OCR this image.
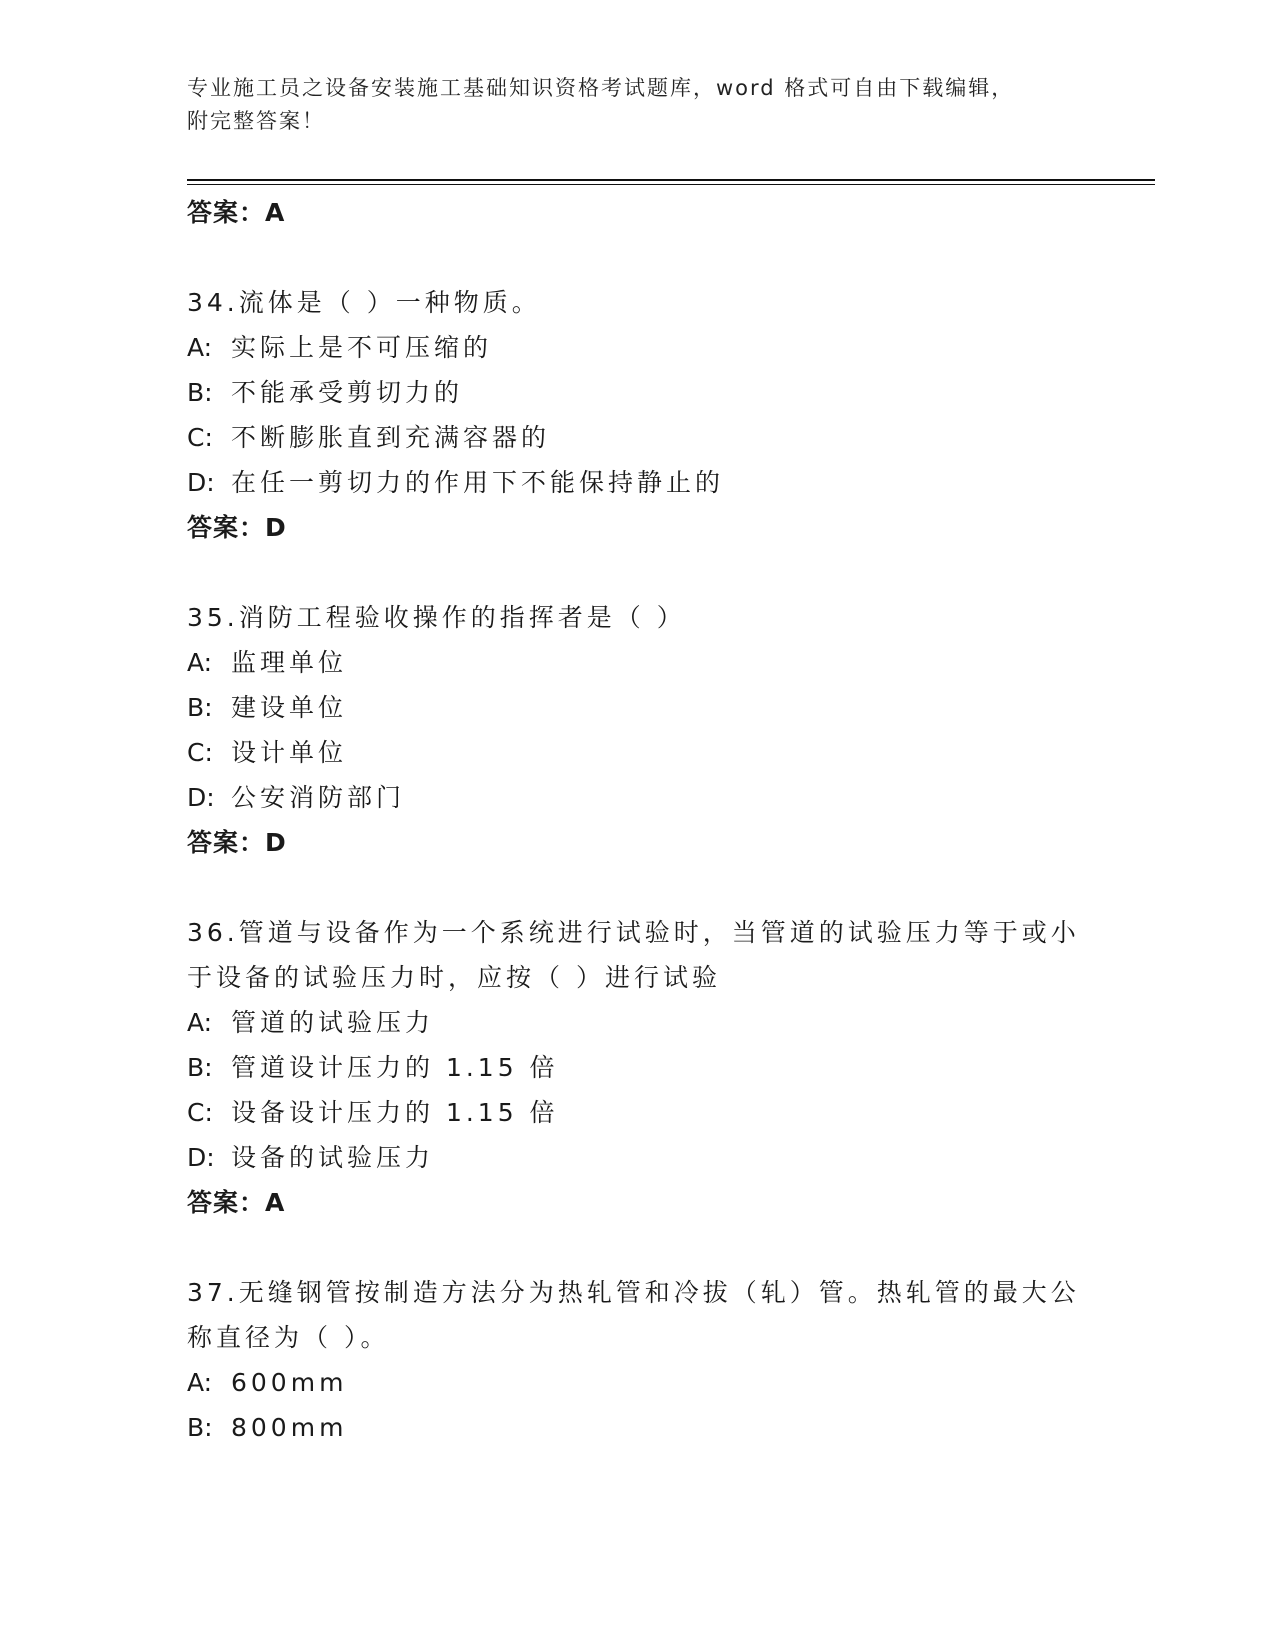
专业施工员之设备安装施工基础知识资格考试题库，word 格式可自由下载编辑，
附完整答案！
答案：A
34.流体是（ ）一种物质。
A: 实际上是不可压缩的
B: 不能承受剪切力的
C: 不断膨胀直到充满容器的
D: 在任一剪切力的作用下不能保持静止的
答案：D
35.消防工程验收操作的指挥者是（ ）
A: 监理单位
B: 建设单位
C: 设计单位
D: 公安消防部门
答案：D
36.管道与设备作为一个系统进行试验时，当管道的试验压力等于或小于设备的试验压力时，应按（ ）进行试验
A: 管道的试验压力
B: 管道设计压力的 1.15 倍
C: 设备设计压力的 1.15 倍
D: 设备的试验压力
答案：A
37.无缝钢管按制造方法分为热轧管和冷拔（轧）管。热轧管的最大公称直径为（ ）。
A: 600mm
B: 800mm
